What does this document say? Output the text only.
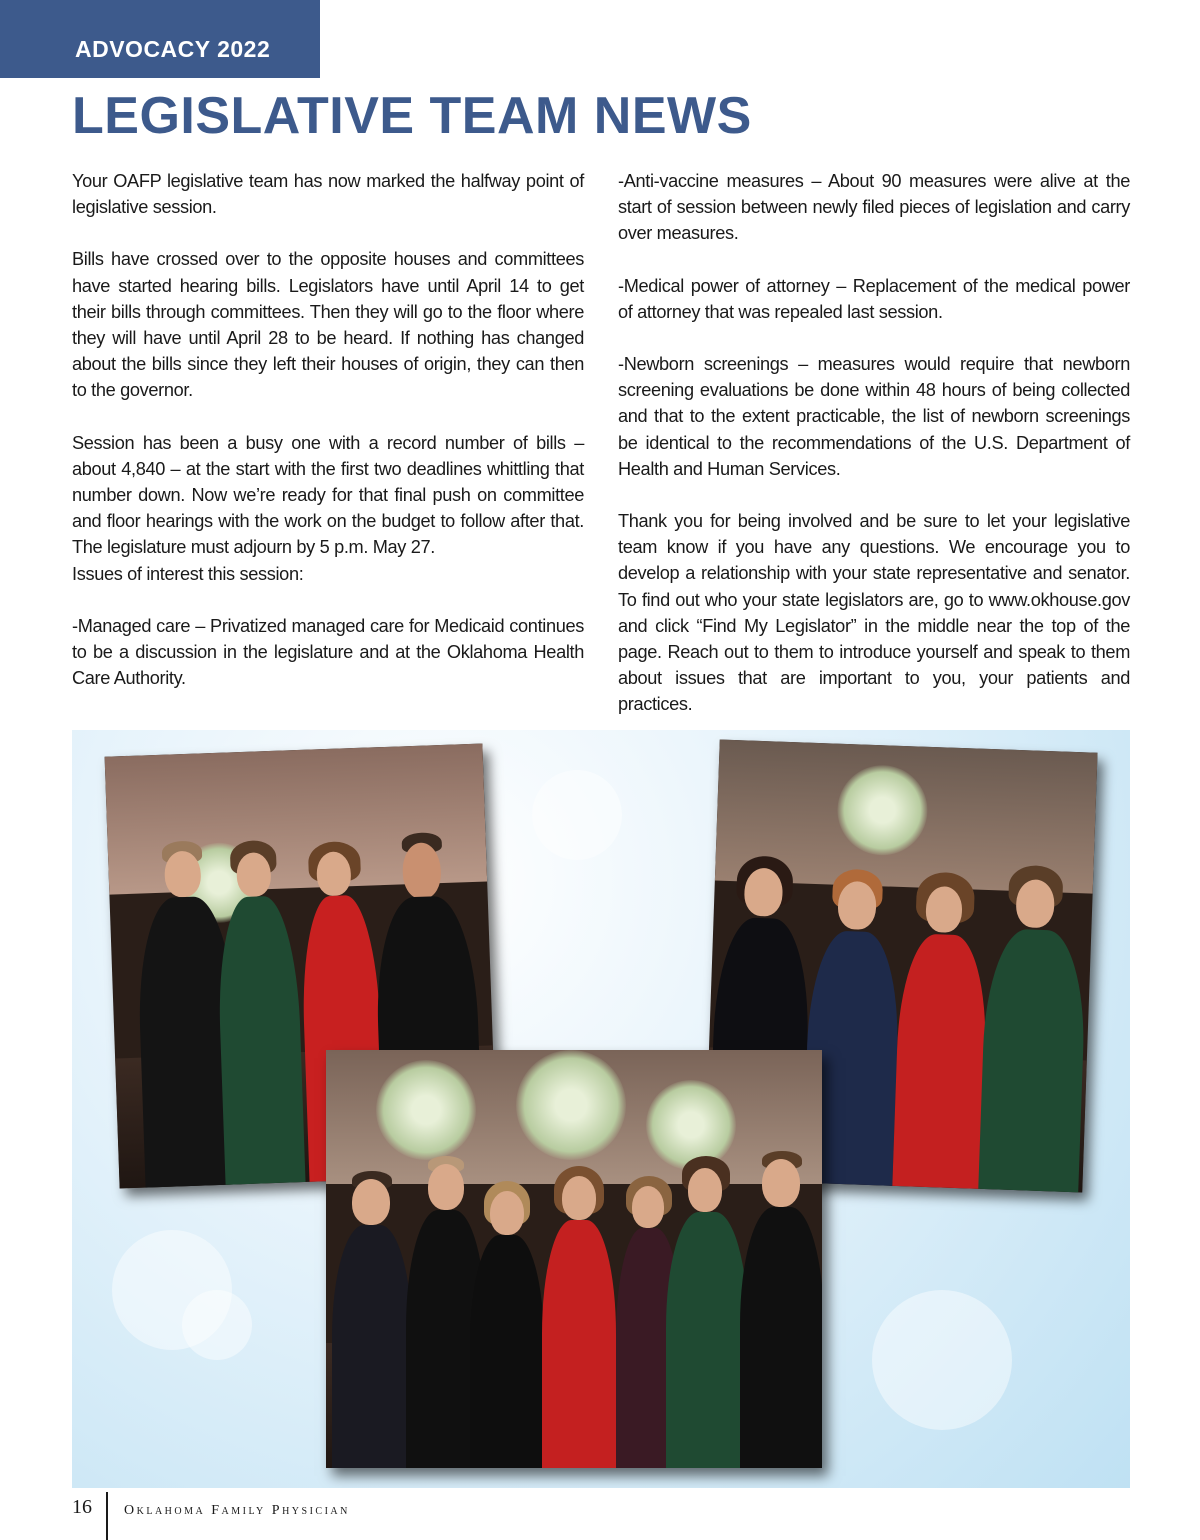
ADVOCACY 2022
LEGISLATIVE TEAM NEWS

Your OAFP legislative team has now marked the halfway point of legislative session.

Bills have crossed over to the opposite houses and committees have started hearing bills. Legislators have until April 14 to get their bills through committees. Then they will go to the floor where they will have until April 28 to be heard. If nothing has changed about the bills since they left their houses of origin, they can then to the governor.

Session has been a busy one with a record number of bills – about 4,840 – at the start with the first two deadlines whittling that number down. Now we’re ready for that final push on committee and floor hearings with the work on the budget to follow after that. The legislature must adjourn by 5 p.m. May 27.

Issues of interest this session:

-Managed care – Privatized managed care for Medicaid continues to be a discussion in the legislature and at the Oklahoma Health Care Authority.

-Anti-vaccine measures – About 90 measures were alive at the start of session between newly filed pieces of legislation and carry over measures.

-Medical power of attorney – Replacement of the medical power of attorney that was repealed last session.

-Newborn screenings – measures would require that newborn screening evaluations be done within 48 hours of being collected and that to the extent practicable, the list of newborn screenings be identical to the recommendations of the U.S. Department of Health and Human Services.

Thank you for being involved and be sure to let your legislative team know if you have any questions. We encourage you to develop a relationship with your state representative and senator. To find out who your state legislators are, go to www.okhouse.gov and click “Find My Legislator” in the middle near the top of the page. Reach out to them to introduce yourself and speak to them about issues that are important to you, your patients and practices.

16 Oklahoma Family Physician
